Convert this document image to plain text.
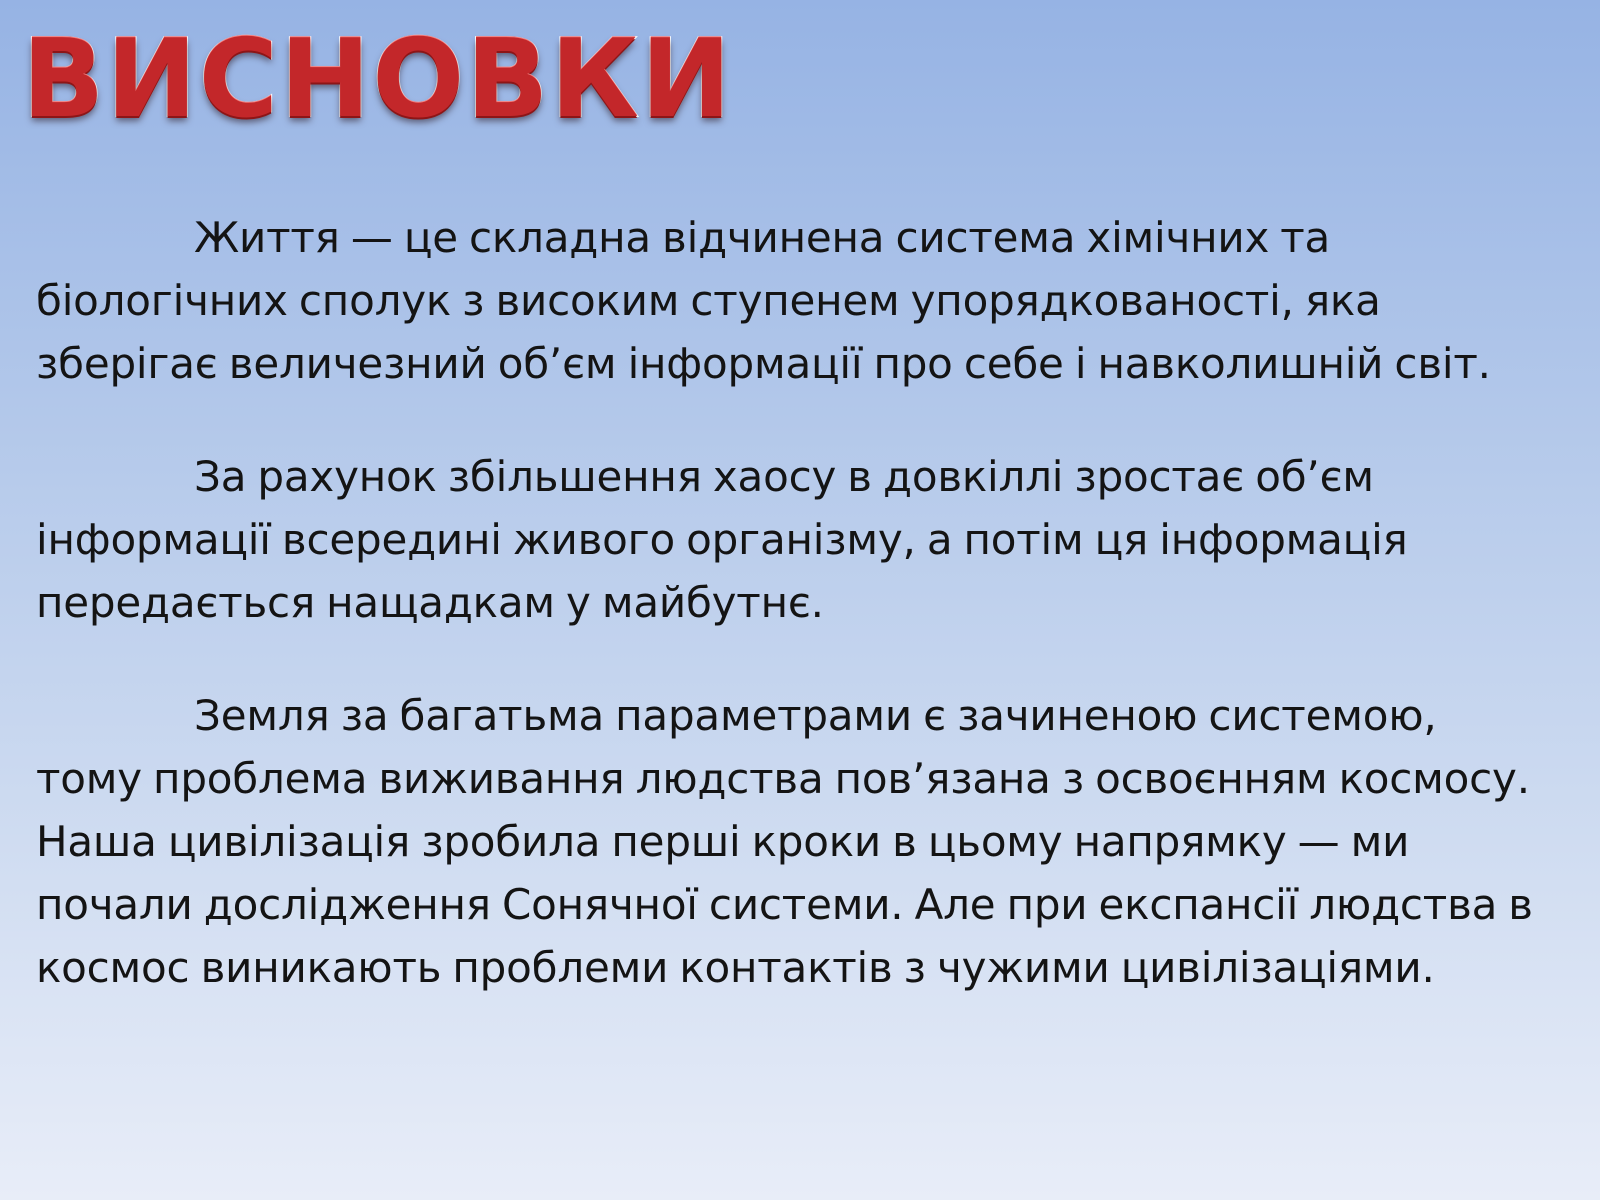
ВИСНОВКИ

Життя — це складна відчинена система хімічних та біологічних сполук з високим ступенем упорядкованості, яка зберігає величезний об’єм інформації про себе і навколишній світ.

За рахунок збільшення хаосу в довкіллі зростає об’єм інформації всередині живого організму, а потім ця інформація передається нащадкам у майбутнє.

Земля за багатьма параметрами є зачиненою системою, тому проблема виживання людства пов’язана з освоєнням космосу. Наша цивілізація зробила перші кроки в цьому напрямку — ми почали дослідження Сонячної системи. Але при експансії людства в космос виникають проблеми контактів з чужими цивілізаціями.
